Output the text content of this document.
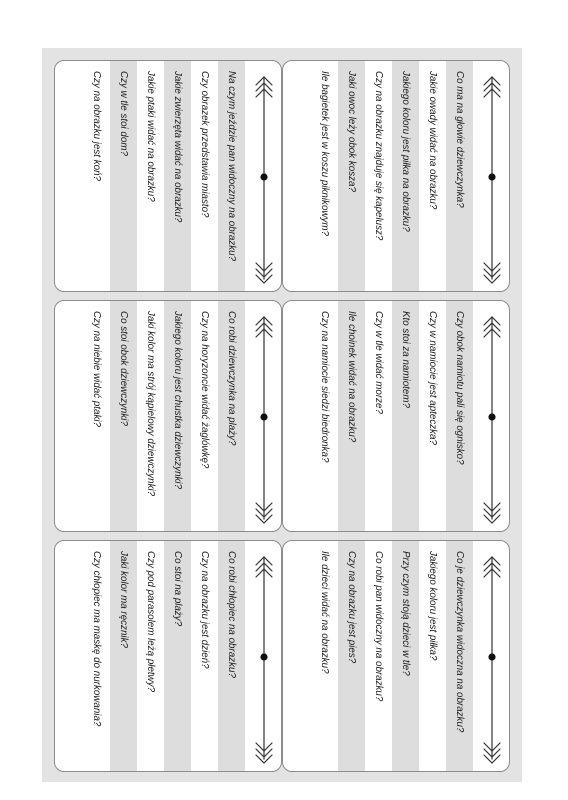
Co ma na głowie dziewczynka?
Jakie owady widać na obrazku?
Jakiego koloru jest piłka na obrazku?
Czy na obrazku znajduje się kapelusz?
Jaki owoc leży obok kosza?
Ile bagietek jest w koszu piknikowym?
Na czym jeździe pan widoczny na obrazku?
Czy obrazek przedstawia miasto?
Jakie zwierzęta widać na obrazku?
Jakie ptaki widać na obrazku?
Czy w tle stoi dom?
Czy na obrazku jest koń?
Czy obok namiotu pali się ognisko?
Czy w namiocie jest apteczka?
Kto stoi za namiotem?
Czy w tle widać morze?
Ile choinek widać na obrazku?
Czy na namiocie siedzi biedronka?
Co robi dziewczynka na plaży?
Czy na horyzoncie widać żaglówkę?
Jakiego koloru jest chustka dziewczynki?
Jaki kolor ma strój kąpielowy dziewczynki?
Co stoi obok dziewczynki?
Czy na niebie widać ptaki?
Co je dziewczynka widoczna na obrazku?
Jakiego koloru jest piłka?
Przy czym stoją dzieci w tle?
Co robi pan widoczny na obrazku?
Czy na obrazku jest pies?
Ile dzieci widać na obrazku?
Co robi chłopiec na obrazku?
Czy na obrazku jest dzień?
Co stoi na plaży?
Czy pod parasolem leżą płetwy?
Jaki kolor ma ręcznik?
Czy chłopiec ma maskę do nurkowania?
